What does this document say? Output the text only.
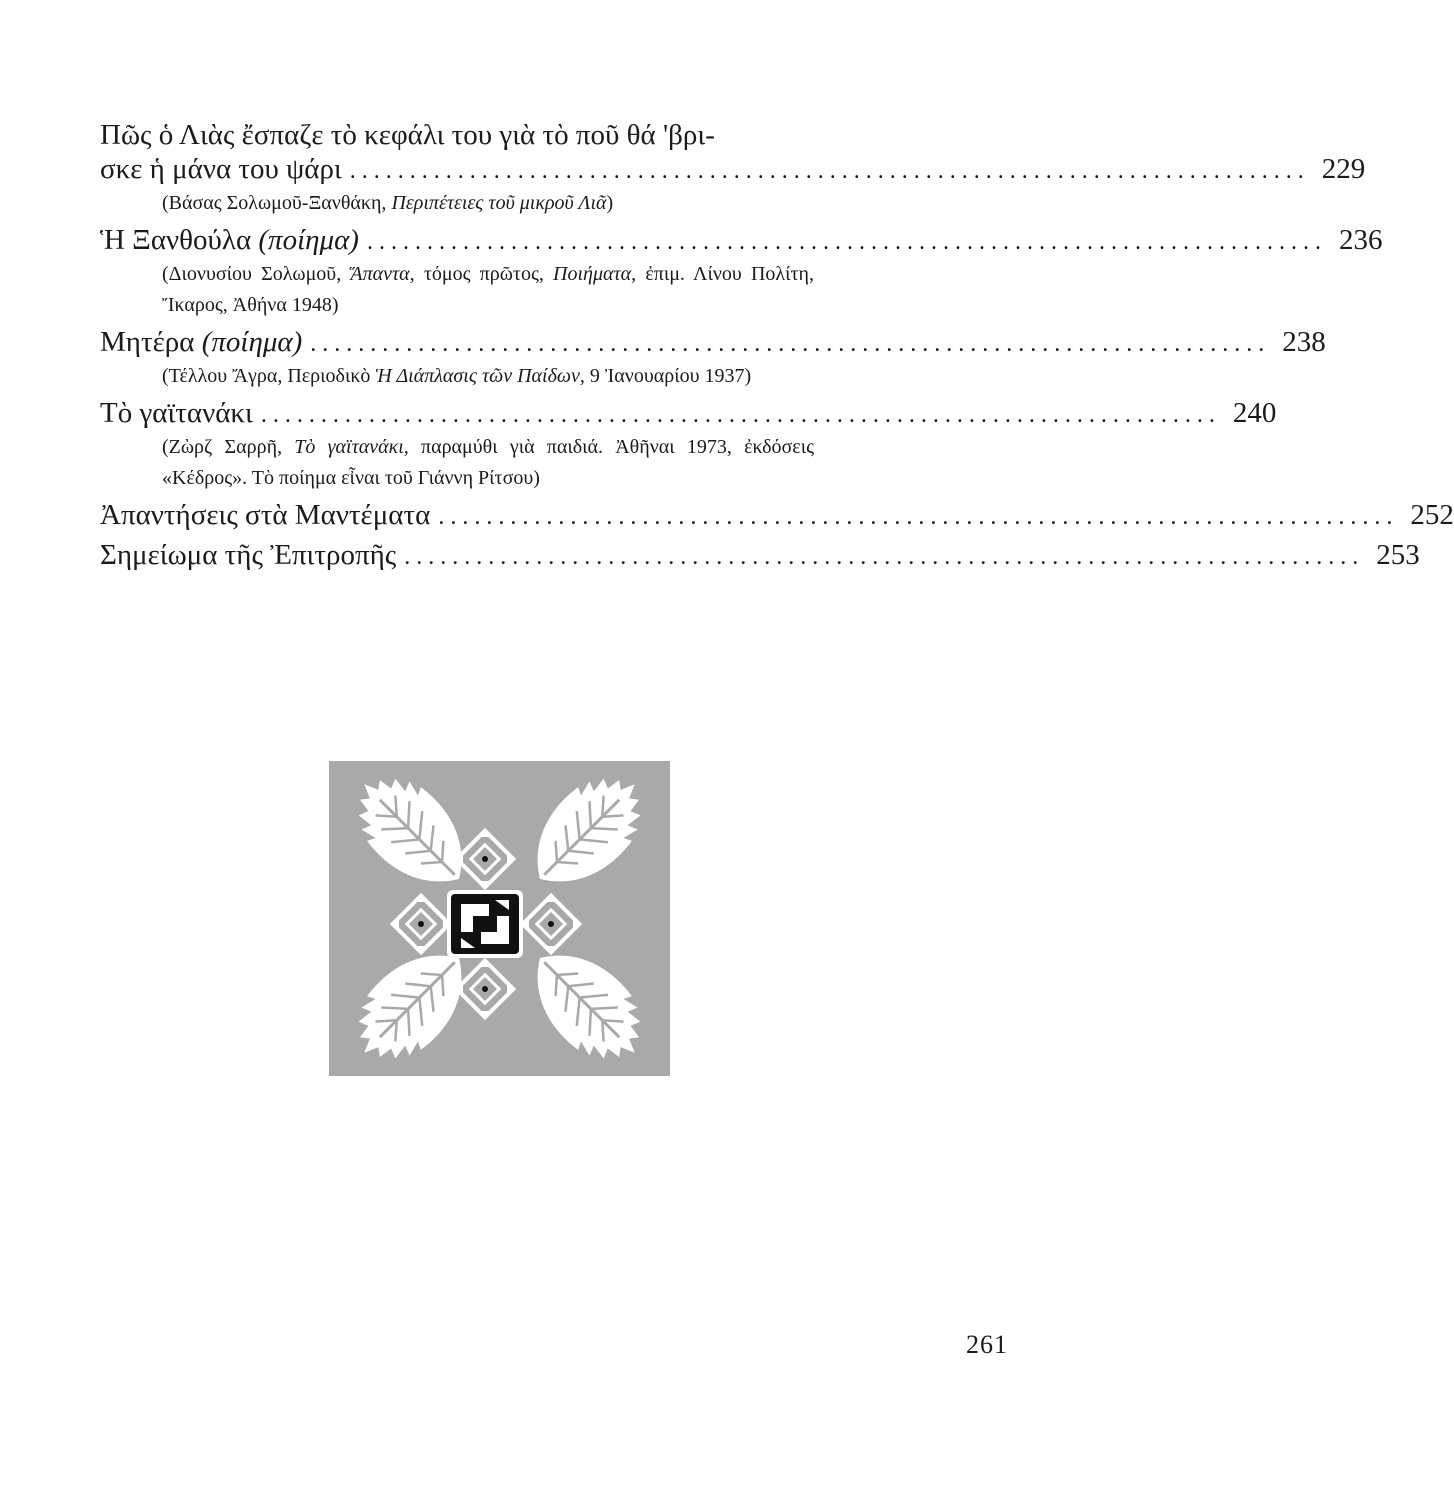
Πῶς ὁ Λιὰς ἔσπαζε τὸ κεφάλι του γιὰ τὸ ποῦ θά 'βρι-
σκε ἡ μάνα του ψάρι ................................................................................ 229
(Βάσας Σολωμοῦ-Ξανθάκη, Περιπέτειες τοῦ μικροῦ Λιᾶ)
Ἡ Ξανθούλα (ποίημα) ................................................................................ 236
(Διονυσίου Σολωμοῦ, Ἅπαντα, τόμος πρῶτος, Ποιήματα, ἐπιμ. Λίνου Πολίτη, Ἴκαρος, Ἀθήνα 1948)
Μητέρα (ποίημα) ................................................................................ 238
(Τέλλου Ἄγρα, Περιοδικὸ Ἡ Διάπλασις τῶν Παίδων, 9 Ἰανουαρίου 1937)
Τὸ γαϊτανάκι ................................................................................ 240
(Ζὼρζ Σαρρῆ, Τὸ γαϊτανάκι, παραμύθι γιὰ παιδιά. Ἀθῆναι 1973, ἐκδόσεις «Κέδρος». Τὸ ποίημα εἶναι τοῦ Γιάννη Ρίτσου)
Ἀπαντήσεις στὰ Μαντέματα ................................................................................ 252
Σημείωμα τῆς Ἐπιτροπῆς ................................................................................ 253
261
